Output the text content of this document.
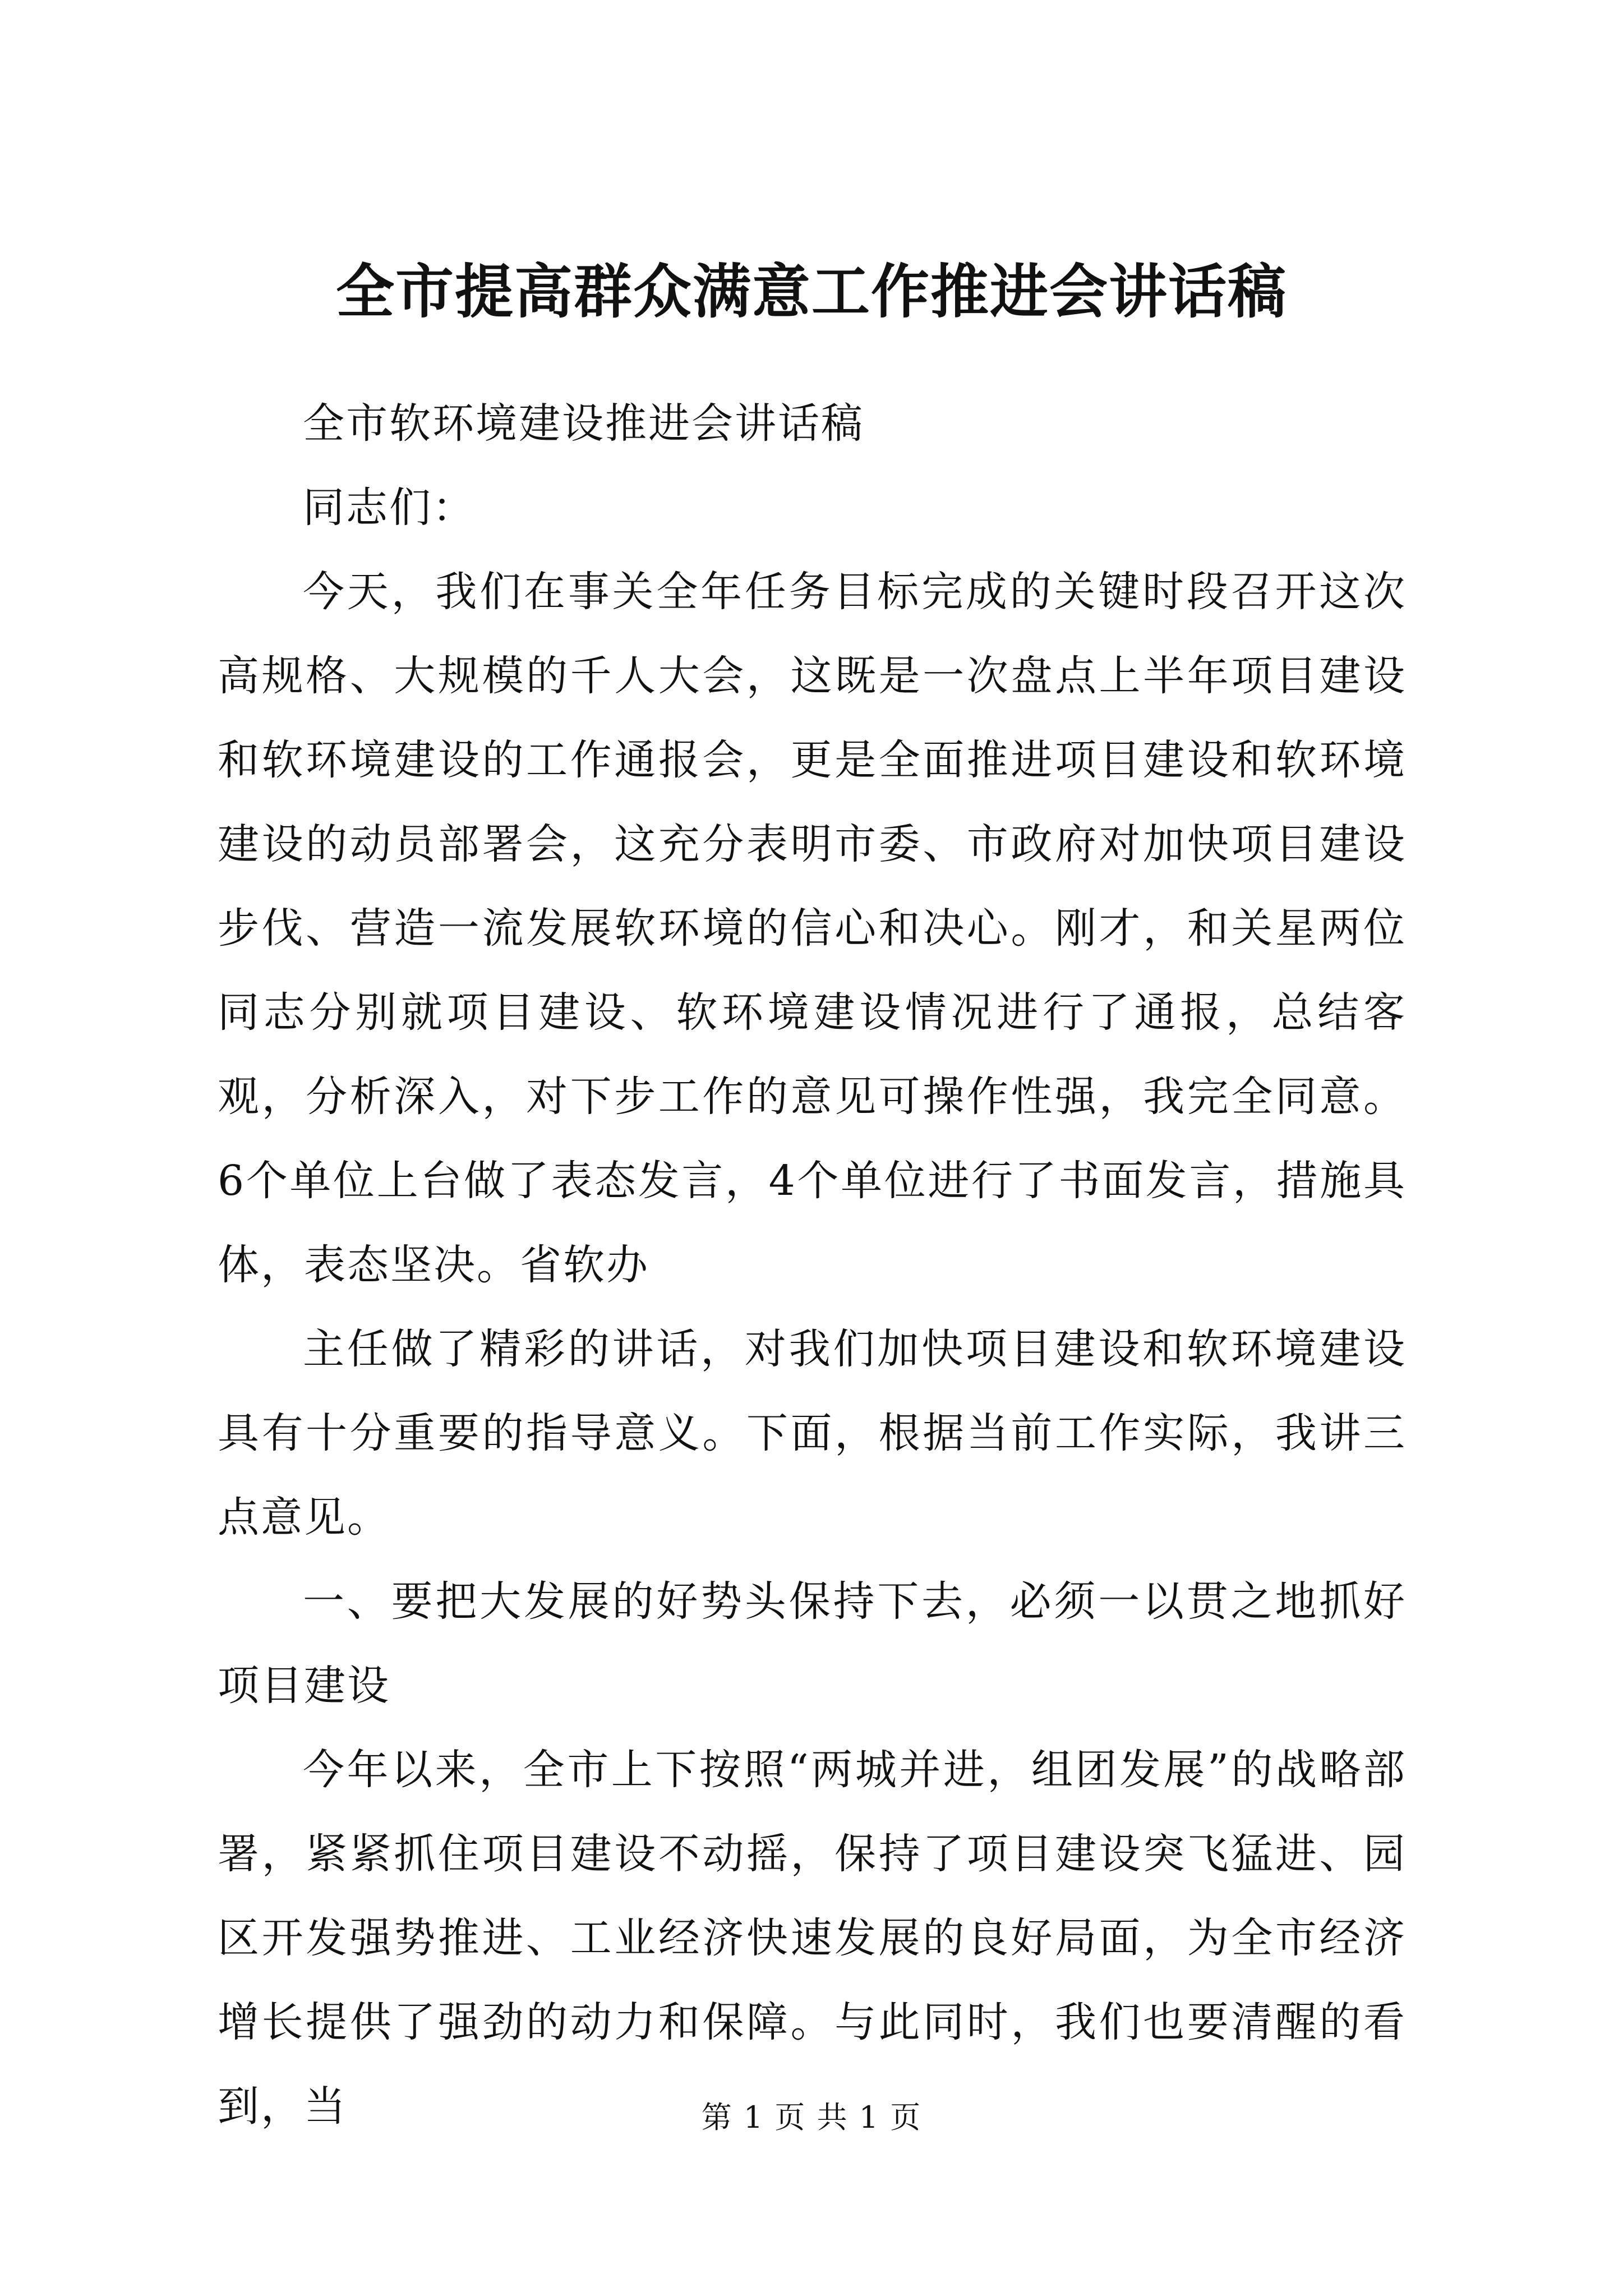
全市提高群众满意工作推进会讲话稿

全市软环境建设推进会讲话稿

同志们：

今天，我们在事关全年任务目标完成的关键时段召开这次高规格、大规模的千人大会，这既是一次盘点上半年项目建设和软环境建设的工作通报会，更是全面推进项目建设和软环境建设的动员部署会，这充分表明市委、市政府对加快项目建设步伐、营造一流发展软环境的信心和决心。刚才，和关星两位同志分别就项目建设、软环境建设情况进行了通报，总结客观，分析深入，对下步工作的意见可操作性强，我完全同意。6个单位上台做了表态发言，4个单位进行了书面发言，措施具体，表态坚决。省软办

主任做了精彩的讲话，对我们加快项目建设和软环境建设具有十分重要的指导意义。下面，根据当前工作实际，我讲三点意见。

一、要把大发展的好势头保持下去，必须一以贯之地抓好项目建设

今年以来，全市上下按照“两城并进，组团发展”的战略部署，紧紧抓住项目建设不动摇，保持了项目建设突飞猛进、园区开发强势推进、工业经济快速发展的良好局面，为全市经济增长提供了强劲的动力和保障。与此同时，我们也要清醒的看到，当	第 1 页 共 1 页
